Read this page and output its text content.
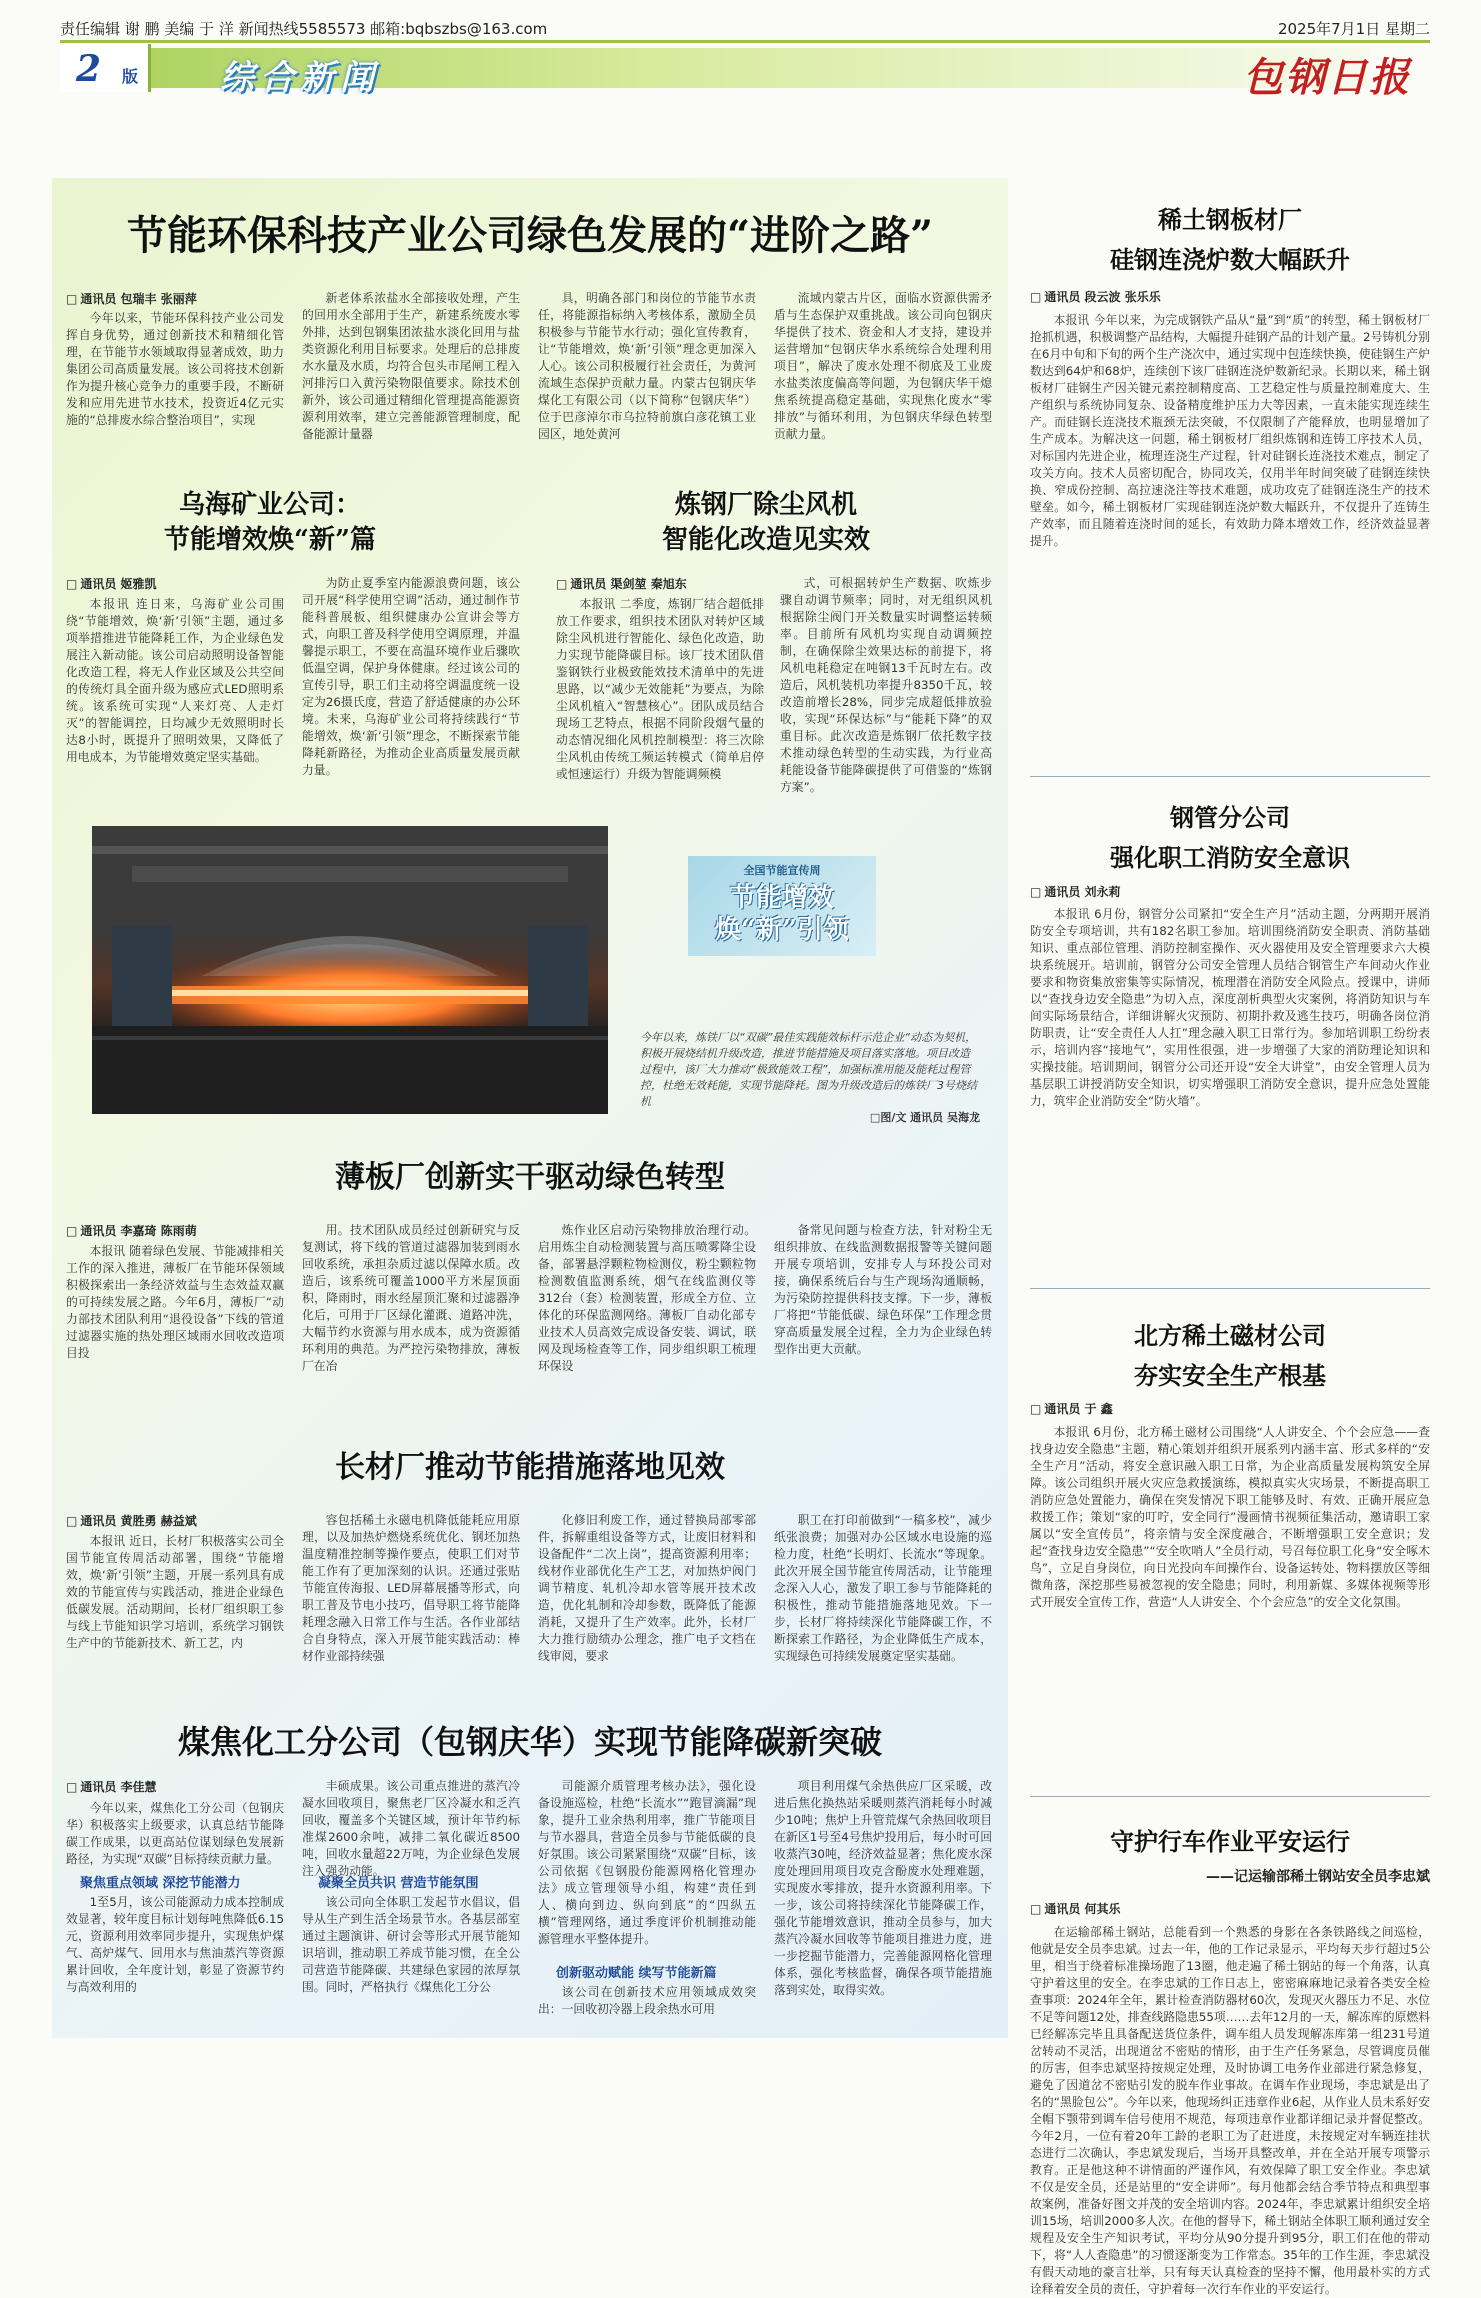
责任编辑 谢 鹏 美编 于 洋 新闻热线5585573 邮箱:bqbszbs@163.com	2025年7月1日 星期二
2 版 综合新闻	包钢日报
节能环保科技产业公司绿色发展的“进阶之路”
□ 通讯员 包瑞丰 张丽萍

今年以来，节能环保科技产业公司发挥自身优势，通过创新技术和精细化管理，在节能节水领域取得显著成效，助力集团公司高质量发展。该公司将技术创新作为提升核心竞争力的重要手段，不断研发和应用先进节水技术，投资近4亿元实施的“总排废水综合整治项目”，实现

新老体系浓盐水全部接收处理，产生的回用水全部用于生产，新建系统废水零外排，达到包钢集团浓盐水淡化回用与盐类资源化利用目标要求。处理后的总排废水水量及水质，均符合包头市尾闸工程入河排污口入黄污染物限值要求。除技术创新外，该公司通过精细化管理提高能源资源利用效率，建立完善能源管理制度，配备能源计量器

具，明确各部门和岗位的节能节水责任，将能源指标纳入考核体系，激励全员积极参与节能节水行动；强化宣传教育，让“节能增效，焕‘新’引领”理念更加深入人心。该公司积极履行社会责任，为黄河流域生态保护贡献力量。内蒙古包钢庆华煤化工有限公司（以下简称“包钢庆华”）位于巴彦淖尔市乌拉特前旗白彦花镇工业园区，地处黄河

流域内蒙古片区，面临水资源供需矛盾与生态保护双重挑战。该公司向包钢庆华提供了技术、资金和人才支持，建设并运营增加“包钢庆华水系统综合处理利用项目”，解决了废水处理不彻底及工业废水盐类浓度偏高等问题，为包钢庆华干熄焦系统提高稳定基础，实现焦化废水“零排放”与循环利用，为包钢庆华绿色转型贡献力量。

乌海矿业公司：
节能增效焕“新”篇
□ 通讯员 姬雅凯

本报讯 连日来，乌海矿业公司围绕“节能增效，焕‘新’引领”主题，通过多项举措推进节能降耗工作，为企业绿色发展注入新动能。该公司启动照明设备智能化改造工程，将无人作业区域及公共空间的传统灯具全面升级为感应式LED照明系统。该系统可实现“人来灯亮、人走灯灭”的智能调控，日均减少无效照明时长达8小时，既提升了照明效果，又降低了用电成本，为节能增效奠定坚实基础。

为防止夏季室内能源浪费问题，该公司开展“科学使用空调”活动，通过制作节能科普展板、组织健康办公宣讲会等方式，向职工普及科学使用空调原理，并温馨提示职工，不要在高温环境作业后骤吹低温空调，保护身体健康。经过该公司的宣传引导，职工们主动将空调温度统一设定为26摄氏度，营造了舒适健康的办公环境。未来，乌海矿业公司将持续践行“节能增效，焕‘新’引领”理念，不断探索节能降耗新路径，为推动企业高质量发展贡献力量。

炼钢厂除尘风机
智能化改造见实效
□ 通讯员 渠剑堃 秦旭东

本报讯 二季度，炼钢厂结合超低排放工作要求，组织技术团队对转炉区域除尘风机进行智能化、绿色化改造，助力实现节能降碳目标。该厂技术团队借鉴钢铁行业极致能效技术清单中的先进思路，以“减少无效能耗”为要点，为除尘风机植入“智慧核心”。团队成员结合现场工艺特点，根据不同阶段烟气量的动态情况细化风机控制模型：将三次除尘风机由传统工频运转模式（简单启停或恒速运行）升级为智能调频模

式，可根据转炉生产数据、吹炼步骤自动调节频率；同时，对无组织风机根据除尘阀门开关数量实时调整运转频率。目前所有风机均实现自动调频控制，在确保除尘效果达标的前提下，将风机电耗稳定在吨钢13千瓦时左右。改造后，风机装机功率提升8350千瓦，较改造前增长28%，同步完成超低排放验收，实现“环保达标”与“能耗下降”的双重目标。此次改造是炼钢厂依托数字技术推动绿色转型的生动实践，为行业高耗能设备节能降碳提供了可借鉴的“炼钢方案”。

全国节能宣传周
节能增效
焕“新”引领
今年以来，炼铁厂以“双碳”最佳实践能效标杆示范企业“动态为契机，积极开展烧结机升级改造，推进节能措施及项目落实落地。项目改造过程中，该厂大力推动“极致能效工程”，加强标准用能及能耗过程管控，杜绝无效耗能，实现节能降耗。图为升级改造后的炼铁厂3号烧结机
□图/文 通讯员 吴海龙
薄板厂创新实干驱动绿色转型
□ 通讯员 李嘉琦 陈雨萌

本报讯 随着绿色发展、节能减排相关工作的深入推进，薄板厂在节能环保领域积极探索出一条经济效益与生态效益双赢的可持续发展之路。今年6月，薄板厂“动力部技术团队利用“退役设备”下线的管道过滤器实施的热处理区域雨水回收改造项目投

用。技术团队成员经过创新研究与反复测试，将下线的管道过滤器加装到雨水回收系统，承担杂质过滤以保障水质。改造后，该系统可覆盖1000平方米屋顶面积，降雨时，雨水经屋顶汇聚和过滤器净化后，可用于厂区绿化灌溉、道路冲洗，大幅节约水资源与用水成本，成为资源循环利用的典范。为严控污染物排放，薄板厂在冶

炼作业区启动污染物排放治理行动。启用炼尘自动检测装置与高压喷雾降尘设备，部署悬浮颗粒物检测仪，粉尘颗粒物检测数值监测系统，烟气在线监测仪等312台（套）检测装置，形成全方位、立体化的环保监测网络。薄板厂自动化部专业技术人员高效完成设备安装、调试，联网及现场检查等工作，同步组织职工梳理环保设

备常见问题与检查方法，针对粉尘无组织排放、在线监测数据报警等关键问题开展专项培训，安排专人与环投公司对接，确保系统后台与生产现场沟通顺畅，为污染防控提供科技支撑。下一步，薄板厂将把“节能低碳、绿色环保”工作理念贯穿高质量发展全过程，全力为企业绿色转型作出更大贡献。

长材厂推动节能措施落地见效
□ 通讯员 黄胜勇 赫益斌

本报讯 近日，长材厂积极落实公司全国节能宣传周活动部署，围绕“节能增效，焕‘新’引领”主题，开展一系列具有成效的节能宣传与实践活动，推进企业绿色低碳发展。活动期间，长材厂组织职工参与线上节能知识学习培训，系统学习钢铁生产中的节能新技术、新工艺，内

容包括稀土永磁电机降低能耗应用原理，以及加热炉燃烧系统优化、钢坯加热温度精准控制等操作要点，使职工们对节能工作有了更加深刻的认识。还通过张贴节能宣传海报、LED屏幕展播等形式，向职工普及节电小技巧，倡导职工将节能降耗理念融入日常工作与生活。各作业部结合自身特点，深入开展节能实践活动：棒材作业部持续强

化修旧利废工作，通过替换局部零部件，拆解重组设备等方式，让废旧材料和设备配件“二次上岗”，提高资源利用率；线材作业部优化生产工艺，对加热炉阀门调节精度、轧机冷却水管等展开技术改造，优化轧制和冷却参数，既降低了能源消耗，又提升了生产效率。此外，长材厂大力推行励绩办公理念，推广电子文档在线审阅，要求

职工在打印前做到“一稿多校”，减少纸张浪费；加强对办公区域水电设施的巡检力度，杜绝“长明灯、长流水”等现象。此次开展全国节能宣传周活动，让节能理念深入人心，激发了职工参与节能降耗的积极性，推动节能措施落地见效。下一步，长材厂将持续深化节能降碳工作，不断探索工作路径，为企业降低生产成本，实现绿色可持续发展奠定坚实基础。

煤焦化工分公司（包钢庆华）实现节能降碳新突破
□ 通讯员 李佳慧

今年以来，煤焦化工分公司（包钢庆华）积极落实上级要求，认真总结节能降碳工作成果，以更高站位谋划绿色发展新路径，为实现“双碳”目标持续贡献力量。

聚焦重点领域 深挖节能潜力

1至5月，该公司能源动力成本控制成效显著，较年度目标计划每吨焦降低6.15元，资源利用效率同步提升，实现焦炉煤气、高炉煤气、回用水与焦油蒸汽等资源累计回收，全年度计划，彰显了资源节约与高效利用的

丰硕成果。该公司重点推进的蒸汽冷凝水回收项目，聚焦老厂区冷凝水和乏汽回收，覆盖多个关键区域，预计年节约标准煤2600余吨，减排二氧化碳近8500吨，回收水量超22万吨，为企业绿色发展注入强劲动能。

凝聚全员共识 营造节能氛围

该公司向全体职工发起节水倡议，倡导从生产到生活全场景节水。各基层部室通过主题演讲、研讨会等形式开展节能知识培训，推动职工养成节能习惯，在全公司营造节能降碳、共建绿色家园的浓厚氛围。同时，严格执行《煤焦化工分公

司能源介质管理考核办法》，强化设备设施巡检，杜绝“长流水”“跑冒滴漏”现象，提升工业余热利用率，推广节能项目与节水器具，营造全员参与节能低碳的良好氛围。该公司紧紧围绕“双碳”目标，该公司依据《包钢股份能源网格化管理办法》成立管理领导小组，构建“责任到人、横向到边、纵向到底”的“四纵五横”管理网络，通过季度评价机制推动能源管理水平整体提升。

创新驱动赋能 续写节能新篇

该公司在创新技术应用领域成效突出：一回收初冷器上段余热水可用

项目利用煤气余热供应厂区采暖，改进后焦化换热站采暖则蒸汽消耗每小时减少10吨；焦炉上升管荒煤气余热回收项目在新区1号至4号焦炉投用后，每小时可回收蒸汽30吨，经济效益显著；焦化废水深度处理回用项目攻克含酚废水处理难题，实现废水零排放，提升水资源利用率。下一步，该公司将持续深化节能降碳工作，强化节能增效意识，推动全员参与，加大蒸汽冷凝水回收等节能项目推进力度，进一步挖掘节能潜力，完善能源网格化管理体系，强化考核监督，确保各项节能措施落到实处，取得实效。

稀土钢板材厂
硅钢连浇炉数大幅跃升
□ 通讯员 段云波 张乐乐

本报讯 今年以来，为完成钢铁产品从“量”到“质”的转型，稀土钢板材厂抢抓机遇，积极调整产品结构，大幅提升硅钢产品的计划产量。2号铸机分别在6月中旬和下旬的两个生产浇次中，通过实现中包连续快换，使硅钢生产炉数达到64炉和68炉，连续创下该厂硅钢连浇炉数新纪录。长期以来，稀土钢板材厂硅钢生产因关键元素控制精度高、工艺稳定性与质量控制难度大、生产组织与系统协同复杂、设备精度维护压力大等因素，一直未能实现连续生产。而硅钢长连浇技术瓶颈无法突破，不仅限制了产能释放，也明显增加了生产成本。为解决这一问题，稀土钢板材厂组织炼钢和连铸工序技术人员，对标国内先进企业，梳理连浇生产过程，针对硅钢长连浇技术难点，制定了攻关方向。技术人员密切配合，协同攻关，仅用半年时间突破了硅钢连续快换、窄成份控制、高拉速浇注等技术难题，成功攻克了硅钢连浇生产的技术壁垒。如今，稀土钢板材厂实现硅钢连浇炉数大幅跃升，不仅提升了连铸生产效率，而且随着连浇时间的延长，有效助力降本增效工作，经济效益显著提升。

钢管分公司
强化职工消防安全意识
□ 通讯员 刘永莉

本报讯 6月份，钢管分公司紧扣“安全生产月”活动主题，分两期开展消防安全专项培训，共有182名职工参加。培训围绕消防安全职责、消防基础知识、重点部位管理、消防控制室操作、灭火器使用及安全管理要求六大模块系统展开。培训前，钢管分公司安全管理人员结合钢管生产车间动火作业要求和物资集放密集等实际情况，梳理潜在消防安全风险点。授课中，讲师以“查找身边安全隐患”为切入点，深度剖析典型火灾案例，将消防知识与车间实际场景结合，详细讲解火灾预防、初期扑救及逃生技巧，明确各岗位消防职责，让“安全责任人人扛”理念融入职工日常行为。参加培训职工纷纷表示，培训内容“接地气”，实用性很强，进一步增强了大家的消防理论知识和实操技能。培训期间，钢管分公司还开设“安全大讲堂”，由安全管理人员为基层职工讲授消防安全知识，切实增强职工消防安全意识，提升应急处置能力，筑牢企业消防安全“防火墙”。

北方稀土磁材公司
夯实安全生产根基
□ 通讯员 于 鑫

本报讯 6月份，北方稀土磁材公司围绕“人人讲安全、个个会应急——查找身边安全隐患”主题，精心策划并组织开展系列内涵丰富、形式多样的“安全生产月”活动，将安全意识融入职工日常，为企业高质量发展构筑安全屏障。该公司组织开展火灾应急救援演练，模拟真实火灾场景，不断提高职工消防应急处置能力，确保在突发情况下职工能够及时、有效、正确开展应急救援工作；策划“家的叮咛，安全同行”漫画情书视频征集活动，邀请职工家属以“安全宣传员”，将亲情与安全深度融合，不断增强职工安全意识；发起“查找身边安全隐患”“安全吹哨人”全员行动，号召每位职工化身“安全啄木鸟”，立足自身岗位，向日光投向车间操作台、设备运转处、物料摆放区等细微角落，深挖那些易被忽视的安全隐患；同时，利用新媒、多媒体视频等形式开展安全宣传工作，营造“人人讲安全、个个会应急”的安全文化氛围。

守护行车作业平安运行
——记运输部稀土钢站安全员李忠斌
□ 通讯员 何其乐

在运输部稀土钢站，总能看到一个熟悉的身影在各条铁路线之间巡检，他就是安全员李忠斌。过去一年，他的工作记录显示，平均每天步行超过5公里，相当于绕着标准操场跑了13圈，他走遍了稀土钢站的每一个角落，认真守护着这里的安全。在李忠斌的工作日志上，密密麻麻地记录着各类安全检查事项：2024年全年，累计检查消防器材60次，发现灭火器压力不足、水位不足等问题12处，排查线路隐患55项……去年12月的一天，解冻库的原燃料已经解冻完毕且具备配送货位条件，调车组人员发现解冻库第一组231号道岔转动不灵活，出现道岔不密贴的情形，由于生产任务紧急，尽管调度员催的厉害，但李忠斌坚持按规定处理，及时协调工电务作业部进行紧急修复，避免了因道岔不密贴引发的脱车作业事故。在调车作业现场，李忠斌是出了名的“黑脸包公”。今年以来，他现场纠正违章作业6起，从作业人员未系好安全帽下颚带到调车信号使用不规范，每项违章作业都详细记录并督促整改。今年2月，一位有着20年工龄的老职工为了赶进度，未按规定对车辆连挂状态进行二次确认，李忠斌发现后，当场开具整改单，并在全站开展专项警示教育。正是他这种不讲情面的严谨作风，有效保障了职工安全作业。李忠斌不仅是安全员，还是站里的“安全讲师”。每月他都会结合季节特点和典型事故案例，准备好图文并茂的安全培训内容。2024年，李忠斌累计组织安全培训15场，培训2000多人次。在他的督导下，稀土钢站全体职工顺利通过安全规程及安全生产知识考试，平均分从90分提升到95分，职工们在他的带动下，将“人人查隐患”的习惯逐渐变为工作常态。35年的工作生涯，李忠斌没有假天动地的豪言壮举，只有每天认真检查的坚持不懈，他用最朴实的方式诠释着安全员的责任，守护着每一次行车作业的平安运行。
